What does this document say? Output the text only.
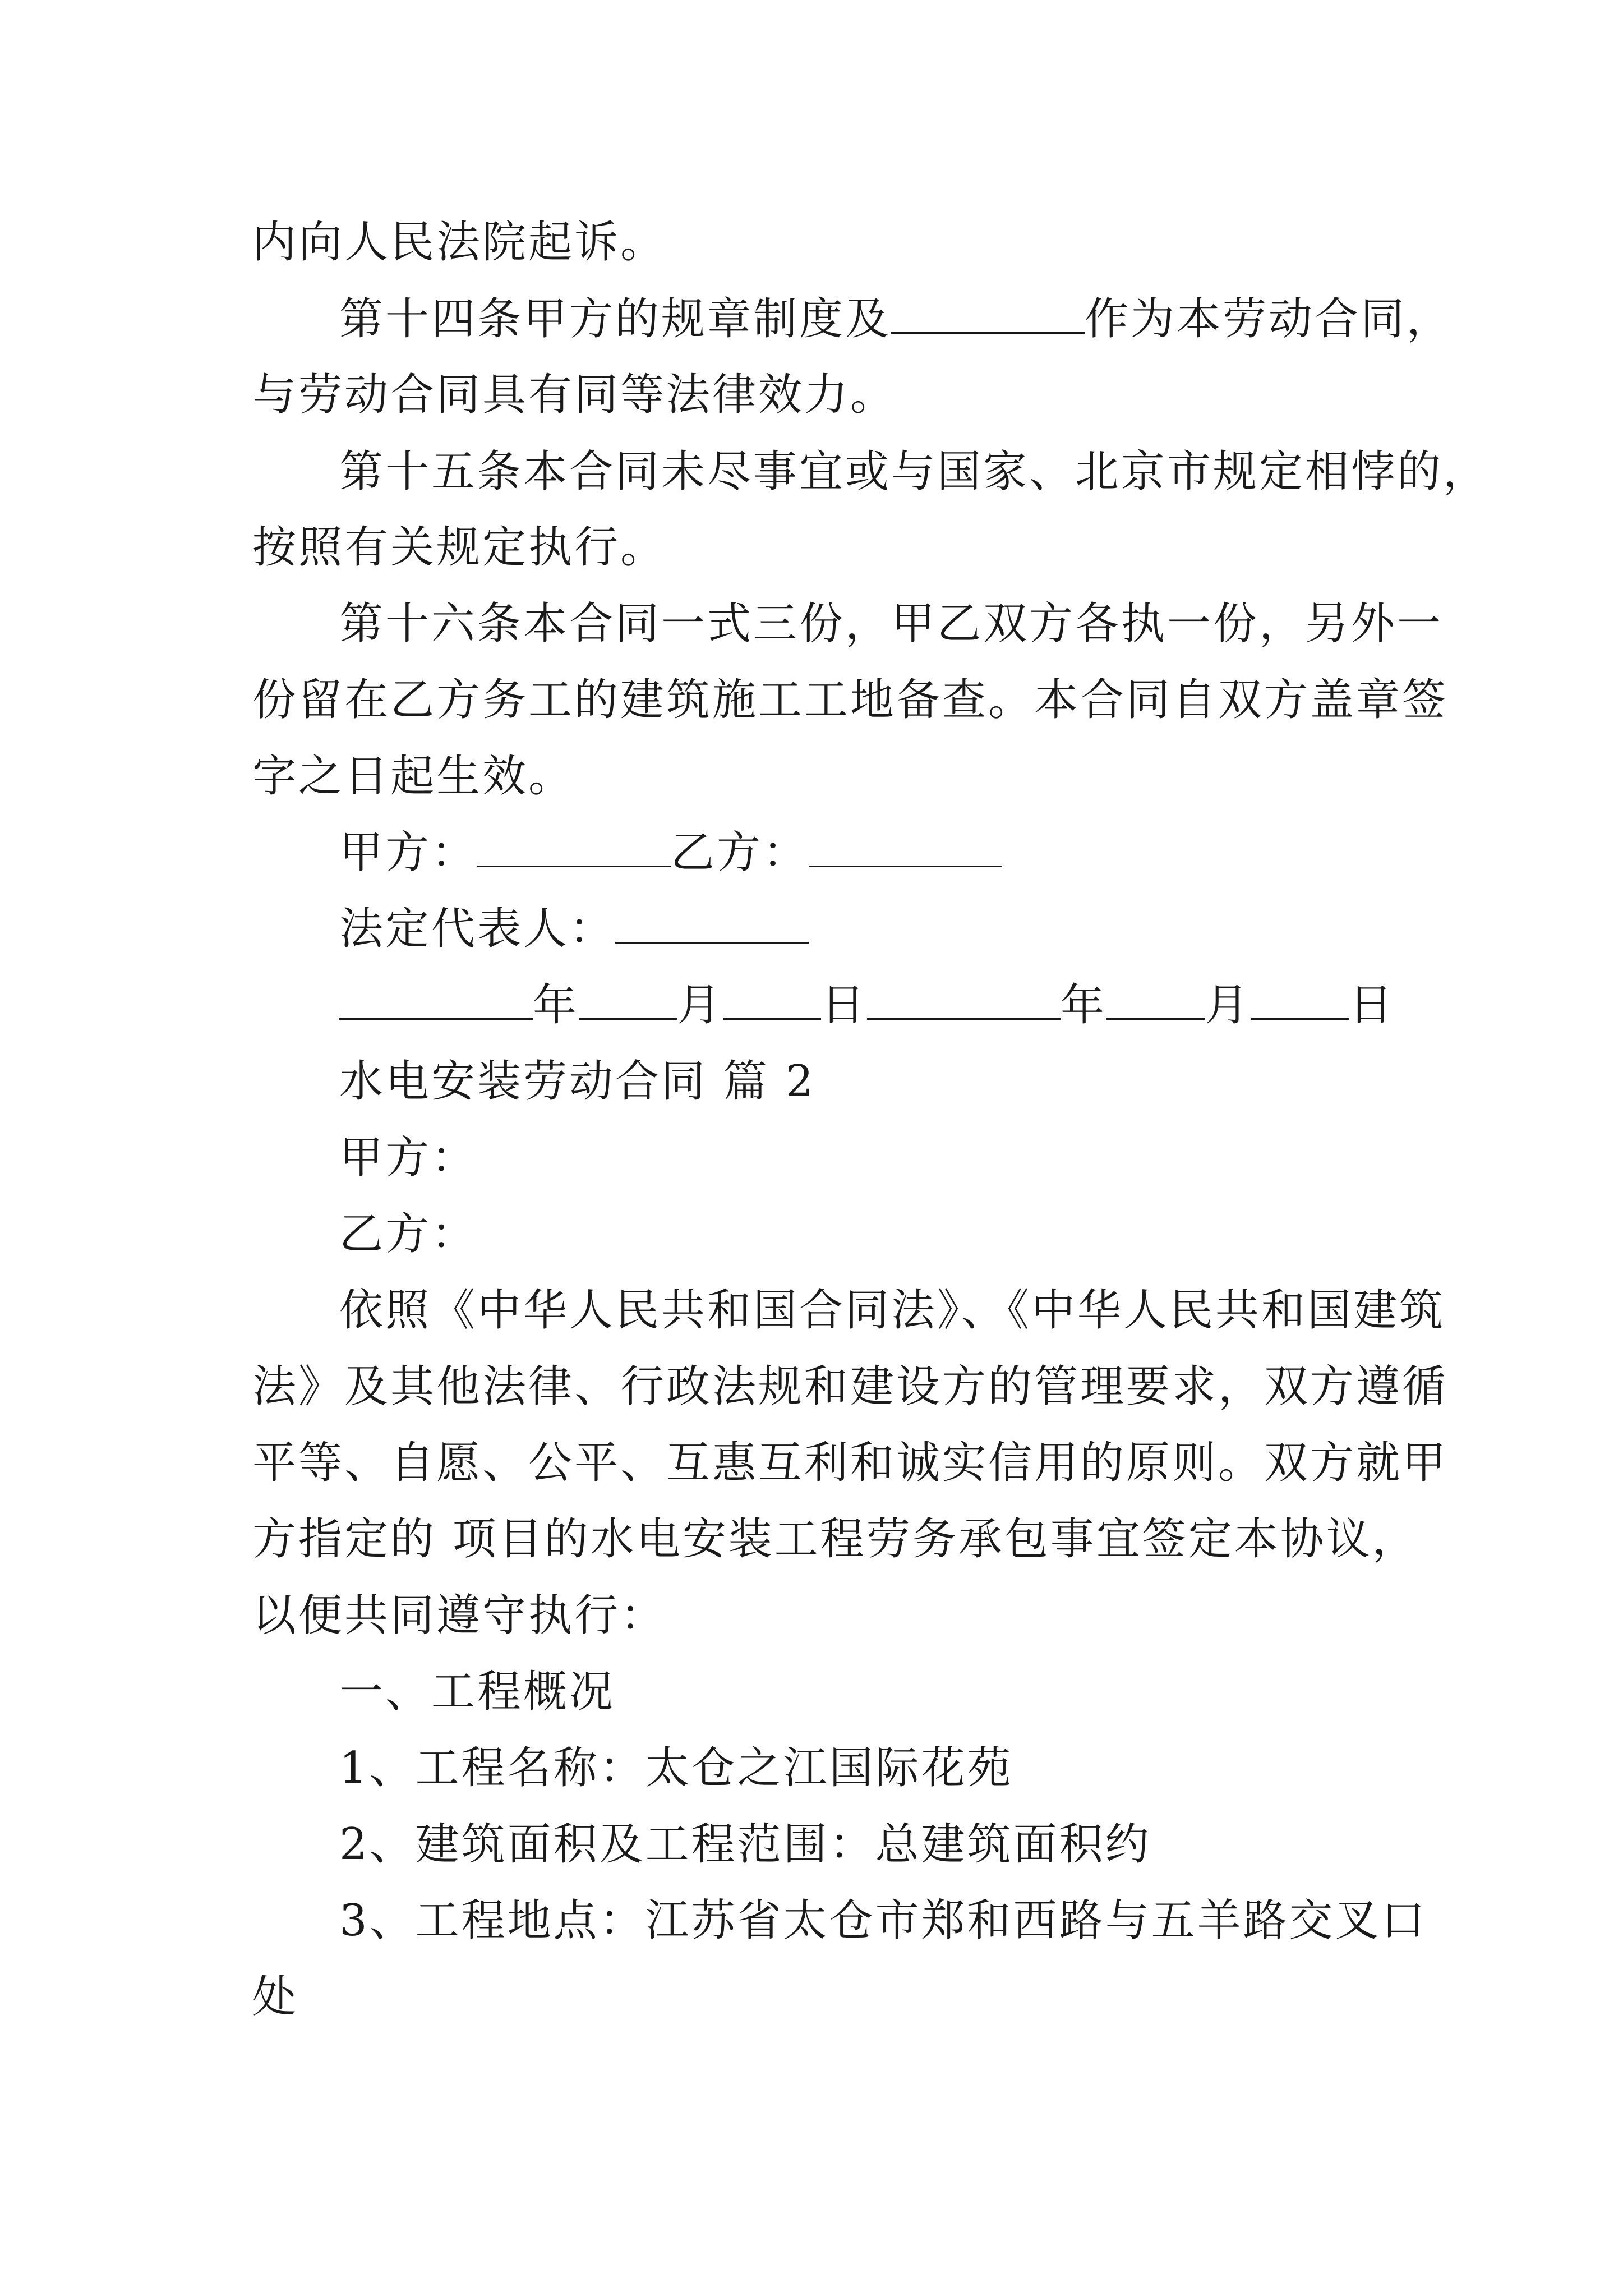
内向人民法院起诉。
第十四条甲方的规章制度及	作为本劳动合同，
与劳动合同具有同等法律效力。
第十五条本合同未尽事宜或与国家、北京市规定相悖的，
按照有关规定执行。
第十六条本合同一式三份，甲乙双方各执一份，另外一
份留在乙方务工的建筑施工工地备查。本合同自双方盖章签
字之日起生效。
甲方：	乙方：
法定代表人：
年 月 日	年 月 日
水电安装劳动合同 篇 2
甲方：
乙方：
依照《中华人民共和国合同法》、《中华人民共和国建筑
法》及其他法律、行政法规和建设方的管理要求，双方遵循
平等、自愿、公平、互惠互利和诚实信用的原则。双方就甲
方指定的 项目的水电安装工程劳务承包事宜签定本协议，
以便共同遵守执行：
一、工程概况
1、工程名称：太仓之江国际花苑
2、建筑面积及工程范围：总建筑面积约
3、工程地点：江苏省太仓市郑和西路与五羊路交叉口
处
